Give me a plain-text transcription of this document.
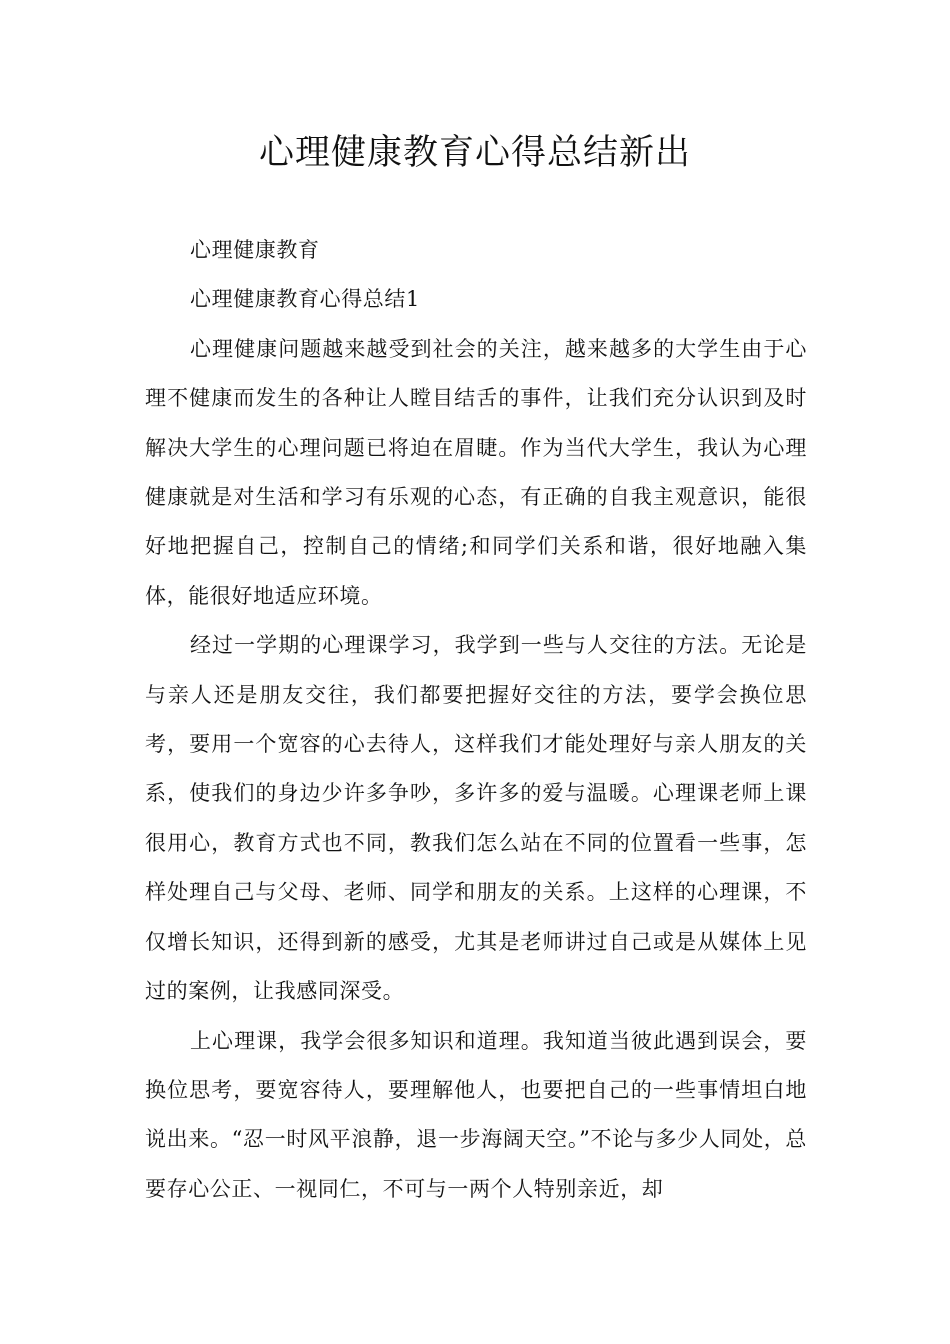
心理健康教育心得总结新出

心理健康教育

心理健康教育心得总结1

心理健康问题越来越受到社会的关注，越来越多的大学生由于心理不健康而发生的各种让人瞠目结舌的事件，让我们充分认识到及时解决大学生的心理问题已将迫在眉睫。作为当代大学生，我认为心理健康就是对生活和学习有乐观的心态，有正确的自我主观意识，能很好地把握自己，控制自己的情绪;和同学们关系和谐，很好地融入集体，能很好地适应环境。

经过一学期的心理课学习，我学到一些与人交往的方法。无论是与亲人还是朋友交往，我们都要把握好交往的方法，要学会换位思考，要用一个宽容的心去待人，这样我们才能处理好与亲人朋友的关系，使我们的身边少许多争吵，多许多的爱与温暖。心理课老师上课很用心，教育方式也不同，教我们怎么站在不同的位置看一些事，怎样处理自己与父母、老师、同学和朋友的关系。上这样的心理课，不仅增长知识，还得到新的感受，尤其是老师讲过自己或是从媒体上见过的案例，让我感同深受。

上心理课，我学会很多知识和道理。我知道当彼此遇到误会，要换位思考，要宽容待人，要理解他人，也要把自己的一些事情坦白地说出来。“忍一时风平浪静，退一步海阔天空。”不论与多少人同处，总要存心公正、一视同仁，不可与一两个人特别亲近，却
